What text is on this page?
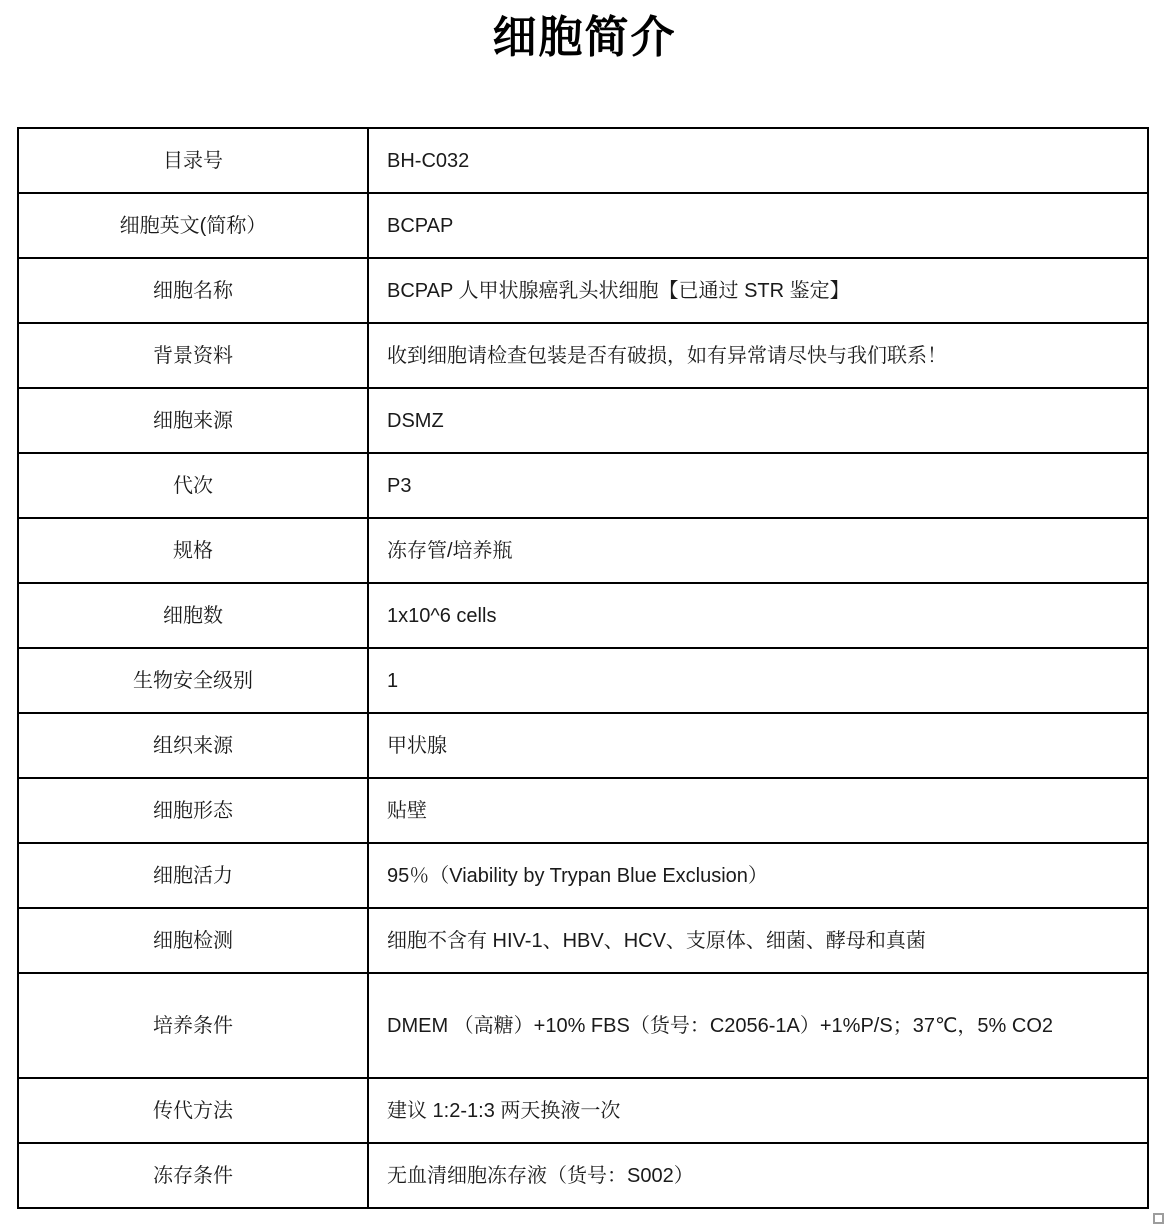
细胞简介
目录号	BH-C032
细胞英文(简称）	BCPAP
细胞名称	BCPAP 人甲状腺癌乳头状细胞【已通过 STR 鉴定】
背景资料	收到细胞请检查包装是否有破损，如有异常请尽快与我们联系！
细胞来源	DSMZ
代次	P3
规格	冻存管/培养瓶
细胞数	1x10^6 cells
生物安全级别	1
组织来源	甲状腺
细胞形态	贴壁
细胞活力	95％（Viability by Trypan Blue Exclusion）
细胞检测	细胞不含有 HIV-1、HBV、HCV、支原体、细菌、酵母和真菌
培养条件	DMEM （高糖）+10% FBS（货号：C2056-1A）+1%P/S；37℃，5% CO2
传代方法	建议 1:2-1:3 两天换液一次
冻存条件	无血清细胞冻存液（货号：S002）
